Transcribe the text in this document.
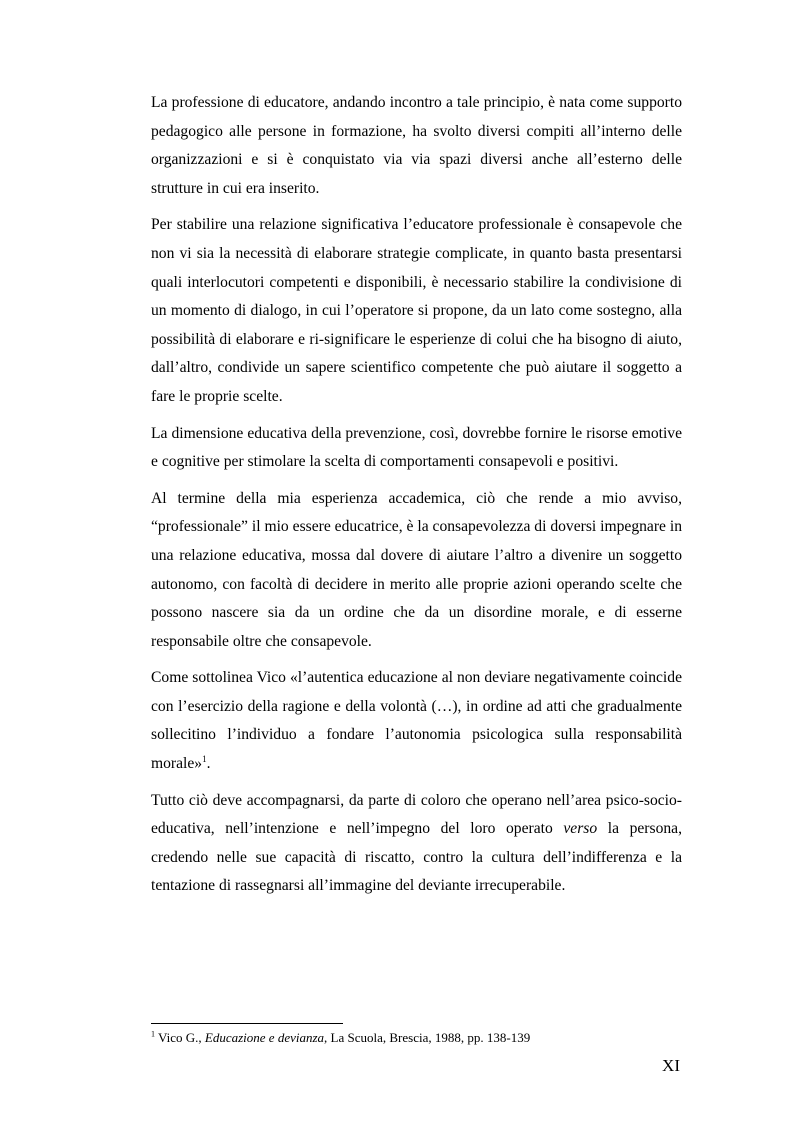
La professione di educatore, andando incontro a tale principio, è nata come supporto pedagogico alle persone in formazione, ha svolto diversi compiti all’interno delle organizzazioni e si è conquistato via via spazi diversi anche all’esterno delle strutture in cui era inserito.

Per stabilire una relazione significativa l’educatore professionale è consapevole che non vi sia la necessità di elaborare strategie complicate, in quanto basta presentarsi quali interlocutori competenti e disponibili, è necessario stabilire la condivisione di un momento di dialogo, in cui l’operatore si propone, da un lato come sostegno, alla possibilità di elaborare e ri-significare le esperienze di colui che ha bisogno di aiuto, dall’altro, condivide un sapere scientifico competente che può aiutare il soggetto a fare le proprie scelte.

La dimensione educativa della prevenzione, così, dovrebbe fornire le risorse emotive e cognitive per stimolare la scelta di comportamenti consapevoli e positivi.

Al termine della mia esperienza accademica, ciò che rende a mio avviso, “professionale” il mio essere educatrice, è la consapevolezza di doversi impegnare in una relazione educativa, mossa dal dovere di aiutare l’altro a divenire un soggetto autonomo, con facoltà di decidere in merito alle proprie azioni operando scelte che possono nascere sia da un ordine che da un disordine morale, e di esserne responsabile oltre che consapevole.

Come sottolinea Vico «l’autentica educazione al non deviare negativamente coincide con l’esercizio della ragione e della volontà (…), in ordine ad atti che gradualmente sollecitino l’individuo a fondare l’autonomia psicologica sulla responsabilità morale»$^1$.

Tutto ciò deve accompagnarsi, da parte di coloro che operano nell’area psico-socio-educativa, nell’intenzione e nell’impegno del loro operato verso la persona, credendo nelle sue capacità di riscatto, contro la cultura dell’indifferenza e la tentazione di rassegnarsi all’immagine del deviante irrecuperabile.

$^1$ Vico G., Educazione e devianza, La Scuola, Brescia, 1988, pp. 138-139
XI
